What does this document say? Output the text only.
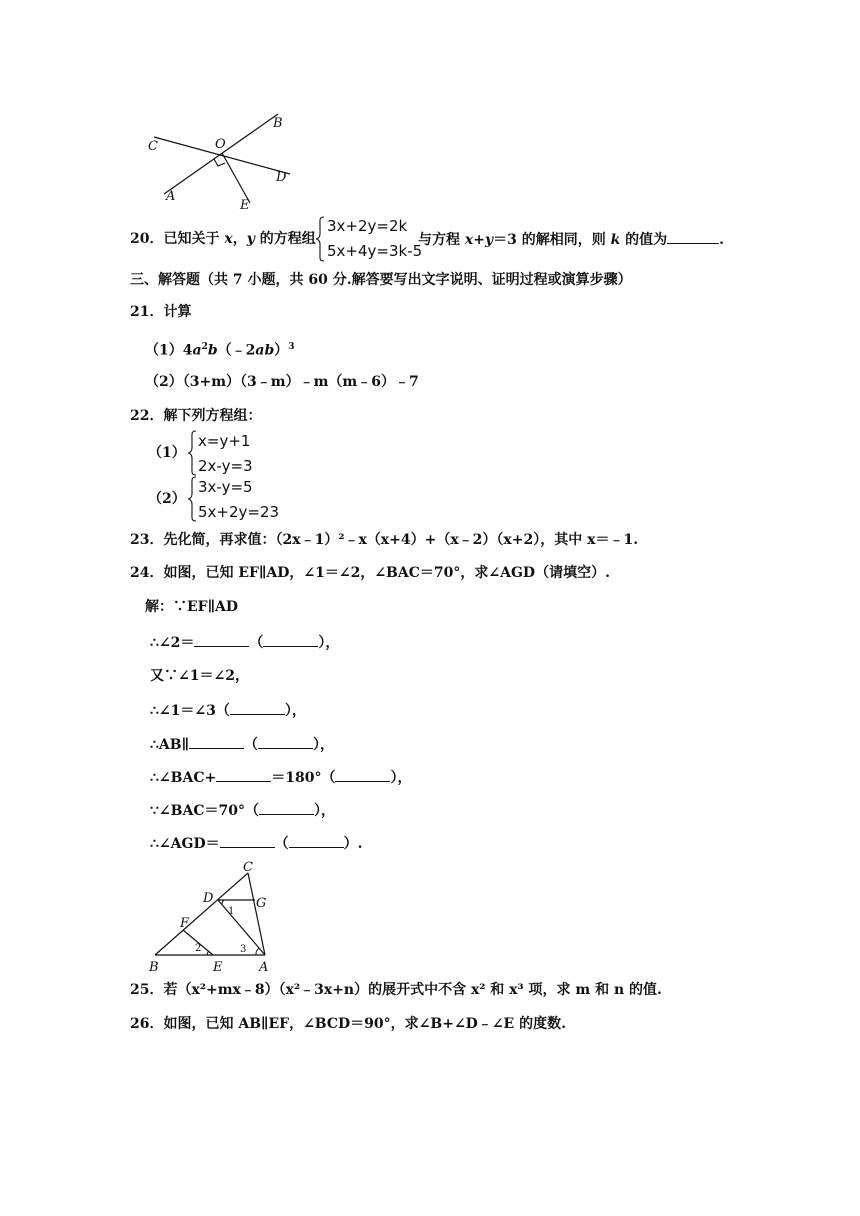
C	O
B
D
A
E
20．已知关于 x，y 的方程组
3x+2y=2k
5x+4y=3k-5
与方程 x+y＝3 的解相同，则 k 的值为	.
三、解答题（共 7 小题，共 60 分.解答要写出文字说明、证明过程或演算步骤）
21．计算
$(1)4a^2b(﹣2ab)^3$
（2）（3+m）（3﹣m）﹣m（m﹣6）﹣7
22．解下列方程组：
（1）
x=y+1
2x-y=3
（2）
3x-y=5
5x+2y=23
23．先化简，再求值：（2x﹣1）²﹣x（x+4）+（x﹣2）（x+2），其中 x＝﹣1.
24．如图，已知 EF∥AD，∠1＝∠2，∠BAC＝70°，求∠AGD（请填空）.
解：∵EF∥AD
∴∠2＝	（	），
又∵∠1＝∠2，
∴∠1＝∠3（	），
∴AB∥	（	），
∴∠BAC+	＝180°（	），
∵∠BAC＝70°（	），
∴∠AGD＝	（	）.
C
D	G
F
1
2	3
B	E	A
25．若（x²+mx﹣8）（x²﹣3x+n）的展开式中不含 x² 和 x³ 项，求 m 和 n 的值.
26．如图，已知 AB∥EF，∠BCD＝90°，求∠B+∠D﹣∠E 的度数.
